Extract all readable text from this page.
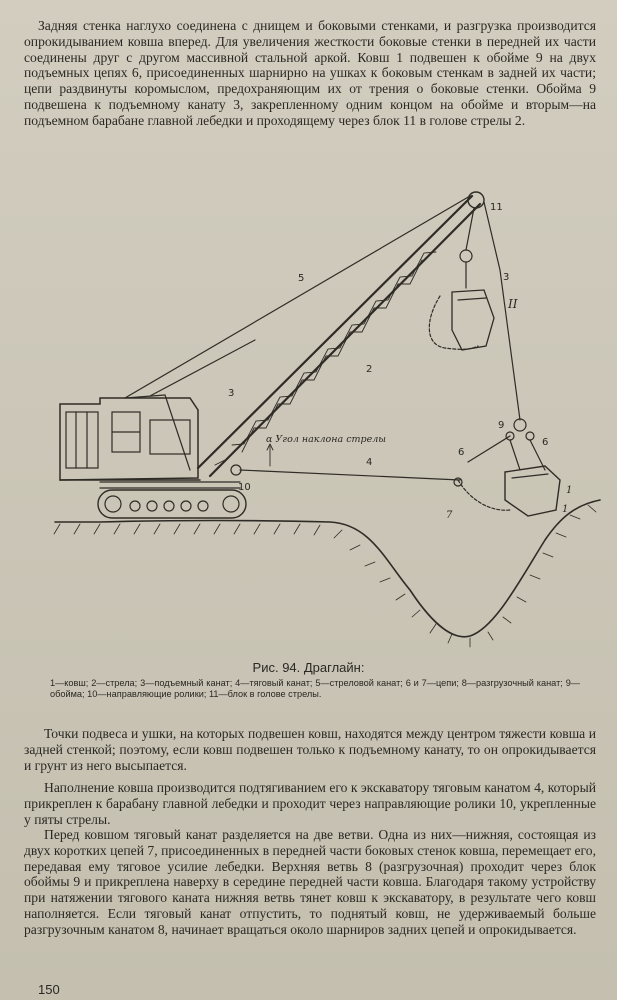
Задняя стенка наглухо соединена с днищем и боковыми стенками, и разгрузка производится опрокидыванием ковша вперед. Для увеличения жесткости боковые стенки в передней их части соединены друг с другом массивной стальной аркой. Ковш 1 подвешен к обойме 9 на двух подъемных цепях 6, присоединенных шарнирно на ушках к боковым стенкам в задней их части; цепи раздвинуты коромыслом, предохраняющим их от трения о боковые стенки. Обойма 9 подвешена к подъемному канату 3, закрепленному одним концом на обойме и вторым—на подъемном барабане главной лебедки и проходящему через блок 11 в голове стрелы 2.

11
3
II
5
2
3
α Угол наклона стрелы
4
10
9
6
6
7
1
1
Рис. 94. Драглайн:

1—ковш; 2—стрела; 3—подъемный канат; 4—тяговый канат; 5—стреловой канат; 6 и 7—цепи; 8—разгрузочный канат; 9—обойма; 10—направляющие ролики; 11—блок в голове стрелы.

Точки подвеса и ушки, на которых подвешен ковш, находятся между центром тяжести ковша и задней стенкой; поэтому, если ковш подвешен только к подъемному канату, то он опрокидывается и грунт из него высыпается.

Наполнение ковша производится подтягиванием его к экскаватору тяговым канатом 4, который прикреплен к барабану главной лебедки и проходит через направляющие ролики 10, укрепленные у пяты стрелы.

Перед ковшом тяговый канат разделяется на две ветви. Одна из них—нижняя, состоящая из двух коротких цепей 7, присоединенных в передней части боковых стенок ковша, перемещает его, передавая ему тяговое усилие лебедки. Верхняя ветвь 8 (разгрузочная) проходит через блок обоймы 9 и прикреплена наверху в середине передней части ковша. Благодаря такому устройству при натяжении тягового каната нижняя ветвь тянет ковш к экскаватору, в результате чего ковш наполняется. Если тяговый канат отпустить, то поднятый ковш, не удерживаемый больше разгрузочным канатом 8, начинает вращаться около шарниров задних цепей и опрокидывается.

150
